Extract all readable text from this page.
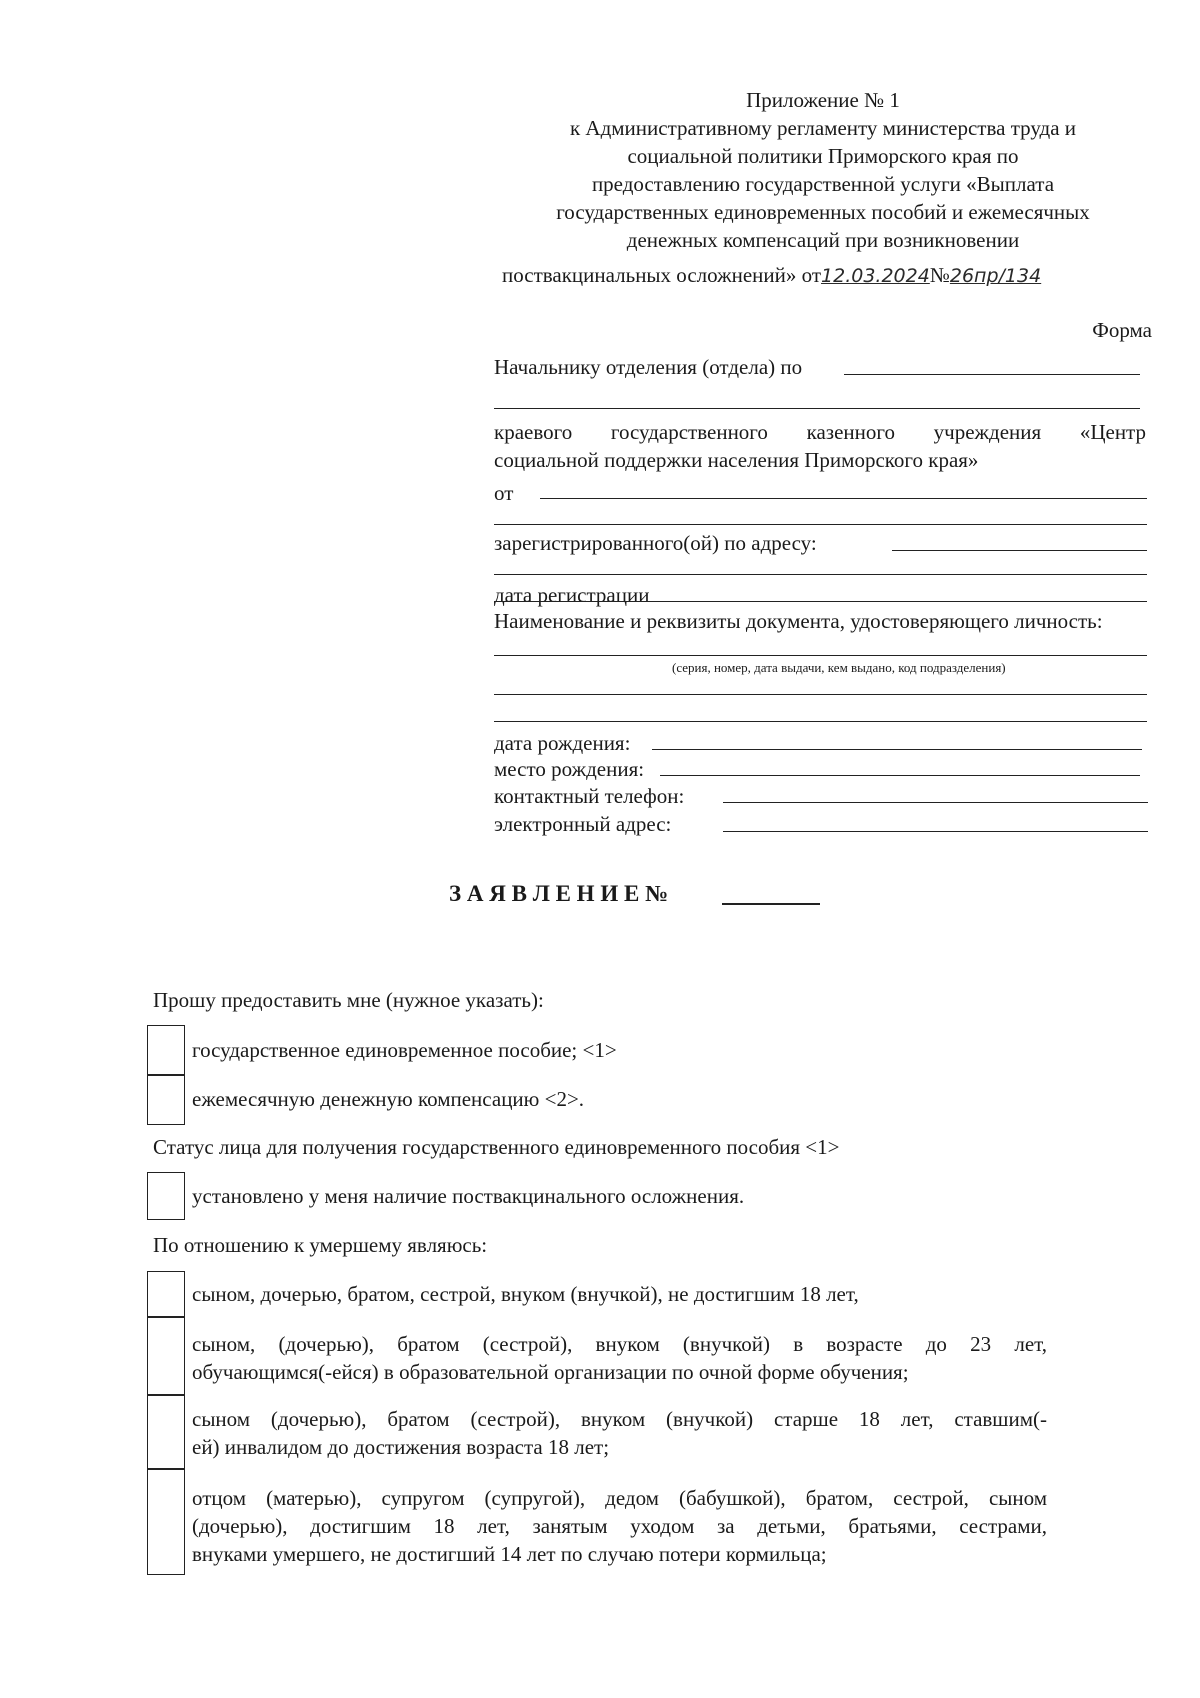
Приложение № 1
к Административному регламенту министерства труда и
социальной политики Приморского края по
предоставлению государственной услуги «Выплата
государственных единовременных пособий и ежемесячных
денежных компенсаций при возникновении
поствакцинальных осложнений» от12.03.2024№26пр/134
Форма
Начальнику отделения (отдела) по
краевого государственного казенного учреждения «Центр
социальной поддержки населения Приморского края»
от
зарегистрированного(ой) по адресу:
дата регистрации
Наименование и реквизиты документа, удостоверяющего личность:
(серия, номер, дата выдачи, кем выдано, код подразделения)
дата рождения:
место рождения:
контактный телефон:
электронный адрес:
З А Я В Л Е Н И Е №
Прошу предоставить мне (нужное указать):
государственное единовременное пособие; <1>
ежемесячную денежную компенсацию <2>.
Статус лица для получения государственного единовременного пособия <1>
установлено у меня наличие поствакцинального осложнения.
По отношению к умершему являюсь:
сыном, дочерью, братом, сестрой, внуком (внучкой), не достигшим 18 лет,
сыном, (дочерью), братом (сестрой), внуком (внучкой) в возрасте до 23 лет,
обучающимся(-ейся) в образовательной организации по очной форме обучения;
сыном (дочерью), братом (сестрой), внуком (внучкой) старше 18 лет, ставшим(-
ей) инвалидом до достижения возраста 18 лет;
отцом (матерью), супругом (супругой), дедом (бабушкой), братом, сестрой, сыном
(дочерью), достигшим 18 лет, занятым уходом за детьми, братьями, сестрами,
внуками умершего, не достигший 14 лет по случаю потери кормильца;
